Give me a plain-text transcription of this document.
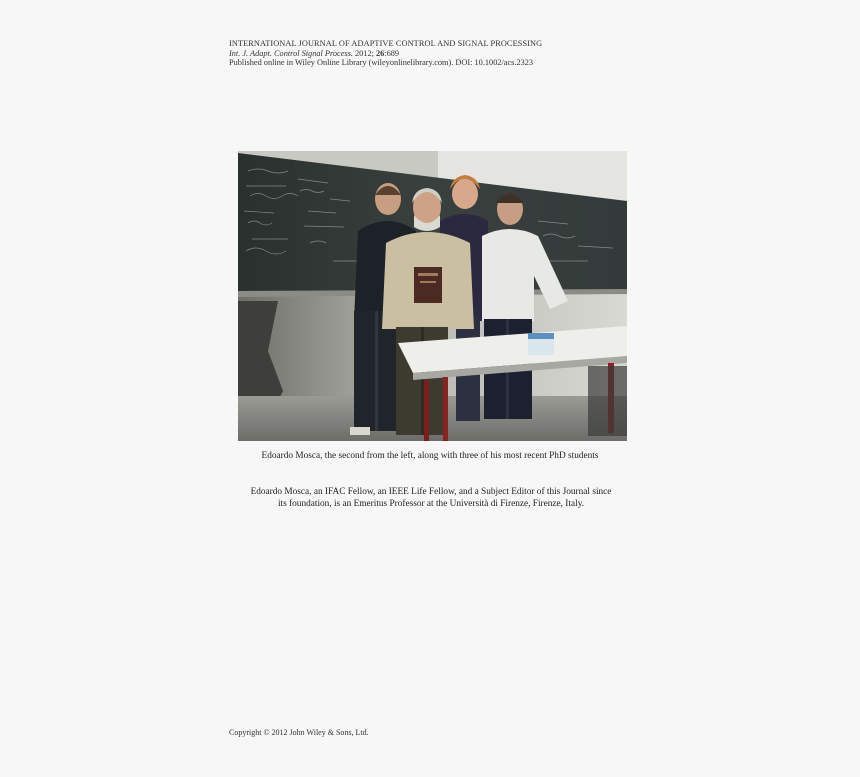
INTERNATIONAL JOURNAL OF ADAPTIVE CONTROL AND SIGNAL PROCESSING
Int. J. Adapt. Control Signal Process. 2012; 26:689
Published online in Wiley Online Library (wileyonlinelibrary.com). DOI: 10.1002/acs.2323
Edoardo Mosca, the second from the left, along with three of his most recent PhD students
Edoardo Mosca, an IFAC Fellow, an IEEE Life Fellow, and a Subject Editor of this Journal since
its foundation, is an Emeritus Professor at the Università di Firenze, Firenze, Italy.
Copyright © 2012 John Wiley & Sons, Ltd.
